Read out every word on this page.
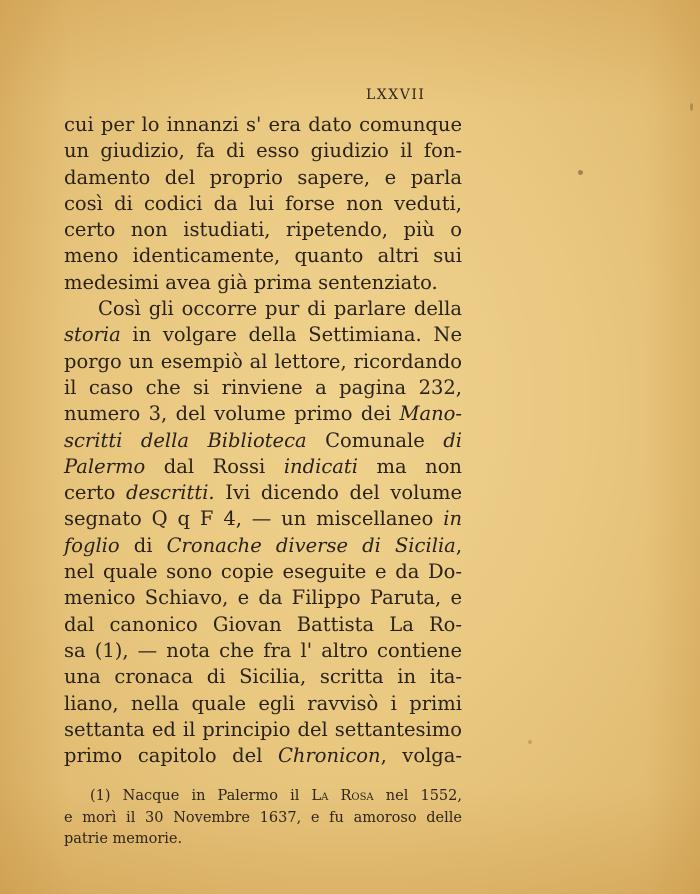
LXXVII
cui per lo innanzi s' era dato comunque
un giudizio, fa di esso giudizio il fon-
damento del proprio sapere, e parla
così di codici da lui forse non veduti,
certo non istudiati, ripetendo, più o
meno identicamente, quanto altri sui
medesimi avea già prima sentenziato.
Così gli occorre pur di parlare della
storia in volgare della Settimiana. Ne
porgo un esempiò al lettore, ricordando
il caso che si rinviene a pagina 232,
numero 3, del volume primo dei Mano-
scritti della Biblioteca Comunale di
Palermo dal Rossi indicati ma non
certo descritti. Ivi dicendo del volume
segnato Q q F 4, — un miscellaneo in
foglio di Cronache diverse di Sicilia,
nel quale sono copie eseguite e da Do-
menico Schiavo, e da Filippo Paruta, e
dal canonico Giovan Battista La Ro-
sa (1), — nota che fra l' altro contiene
una cronaca di Sicilia, scritta in ita-
liano, nella quale egli ravvisò i primi
settanta ed il principio del settantesimo
primo capitolo del Chronicon, volga-
(1) Nacque in Palermo il La Rosa nel 1552,
e morì il 30 Novembre 1637, e fu amoroso delle
patrie memorie.
